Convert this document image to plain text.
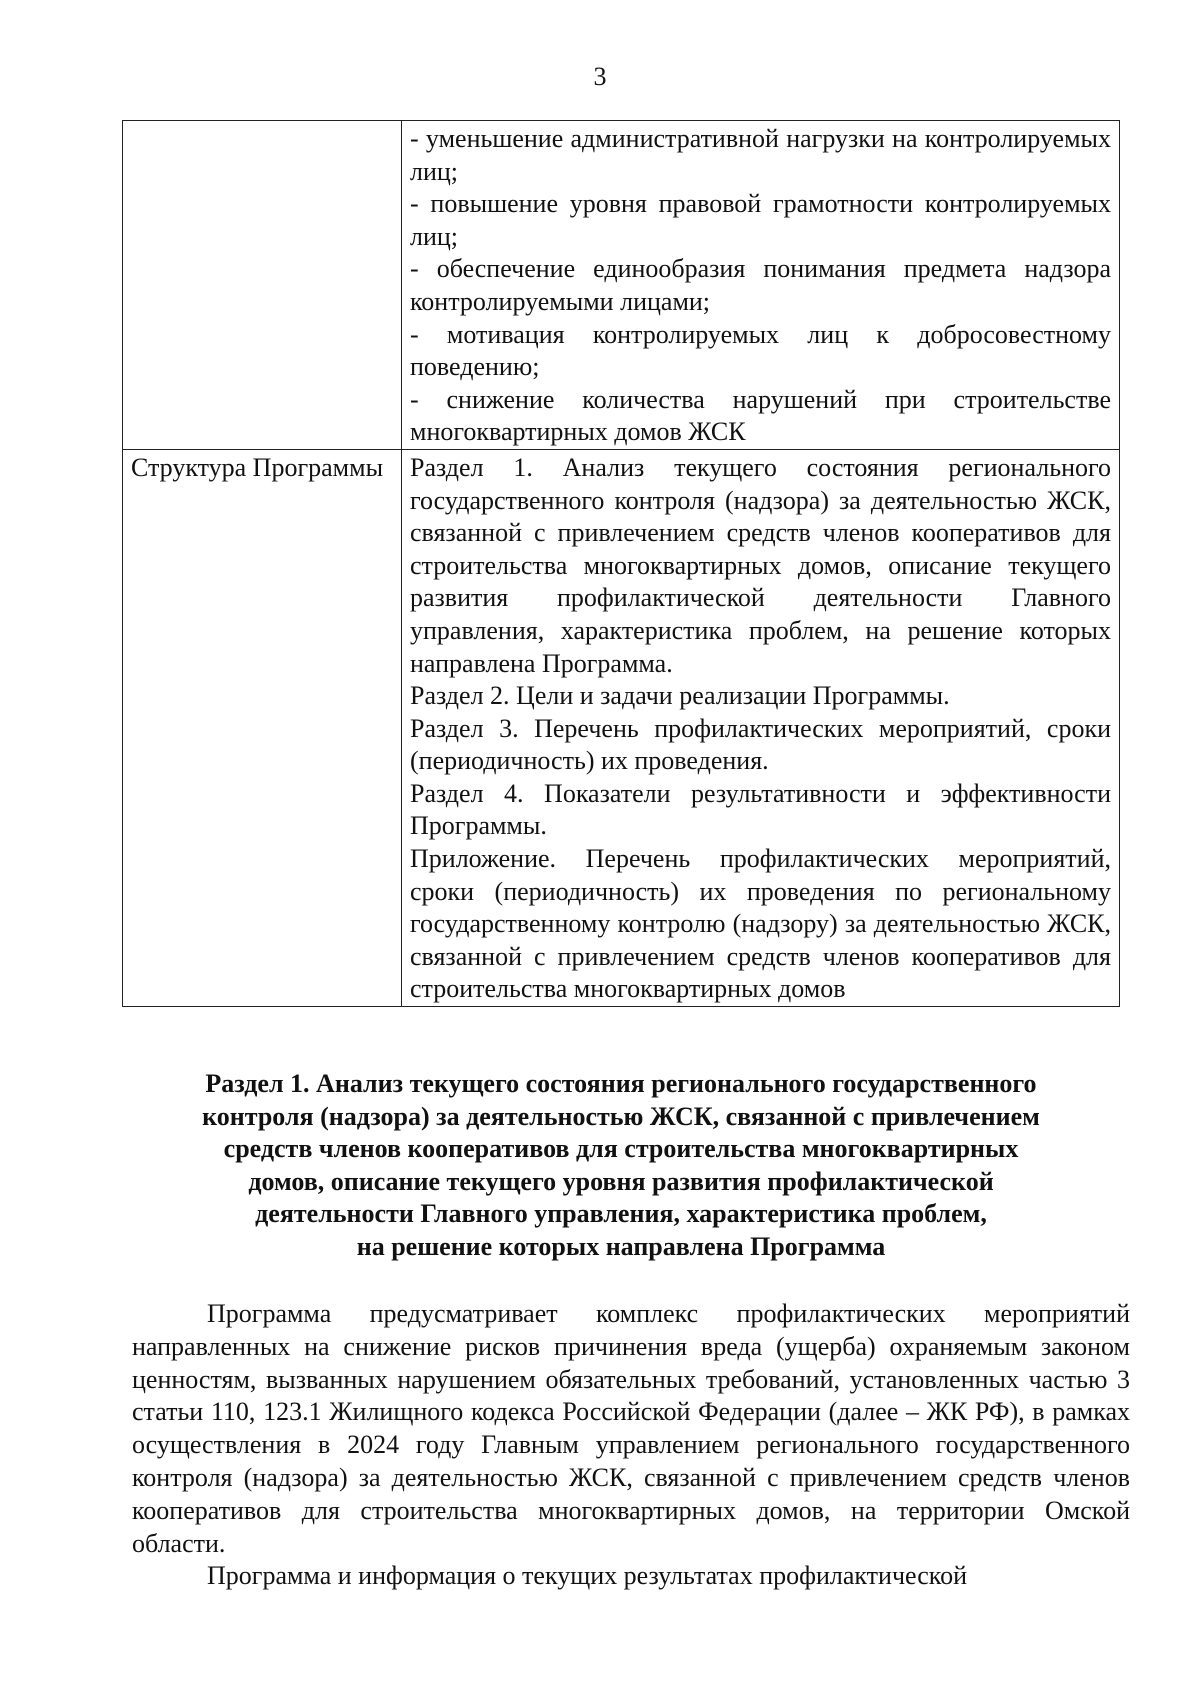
3

	- уменьшение административной нагрузки на контролируемых лиц;
- повышение уровня правовой грамотности контролируемых лиц;
- обеспечение единообразия понимания предмета надзора контролируемыми лицами;
- мотивация контролируемых лиц к добросовестному поведению;
- снижение количества нарушений при строительстве многоквартирных домов ЖСК

Структура Программы	Раздел 1. Анализ текущего состояния регионального государственного контроля (надзора) за деятельностью ЖСК, связанной с привлечением средств членов кооперативов для строительства многоквартирных домов, описание текущего развития профилактической деятельности Главного управления, характеристика проблем, на решение которых направлена Программа.
Раздел 2. Цели и задачи реализации Программы.
Раздел 3. Перечень профилактических мероприятий, сроки (периодичность) их проведения.
Раздел 4. Показатели результативности и эффективности Программы.
Приложение. Перечень профилактических мероприятий, сроки (периодичность) их проведения по региональному государственному контролю (надзору) за деятельностью ЖСК, связанной с привлечением средств членов кооперативов для строительства многоквартирных домов
Раздел 1. Анализ текущего состояния регионального государственного
контроля (надзора) за деятельностью ЖСК, связанной с привлечением
средств членов кооперативов для строительства многоквартирных
домов, описание текущего уровня развития профилактической
деятельности Главного управления, характеристика проблем,
на решение которых направлена Программа

Программа предусматривает комплекс профилактических мероприятий направленных на снижение рисков причинения вреда (ущерба) охраняемым законом ценностям, вызванных нарушением обязательных требований, установленных частью 3 статьи 110, 123.1 Жилищного кодекса Российской Федерации (далее – ЖК РФ), в рамках осуществления в 2024 году Главным управлением регионального государственного контроля (надзора) за деятельностью ЖСК, связанной с привлечением средств членов кооперативов для строительства многоквартирных домов, на территории Омской области.

Программа и информация о текущих результатах профилактической
